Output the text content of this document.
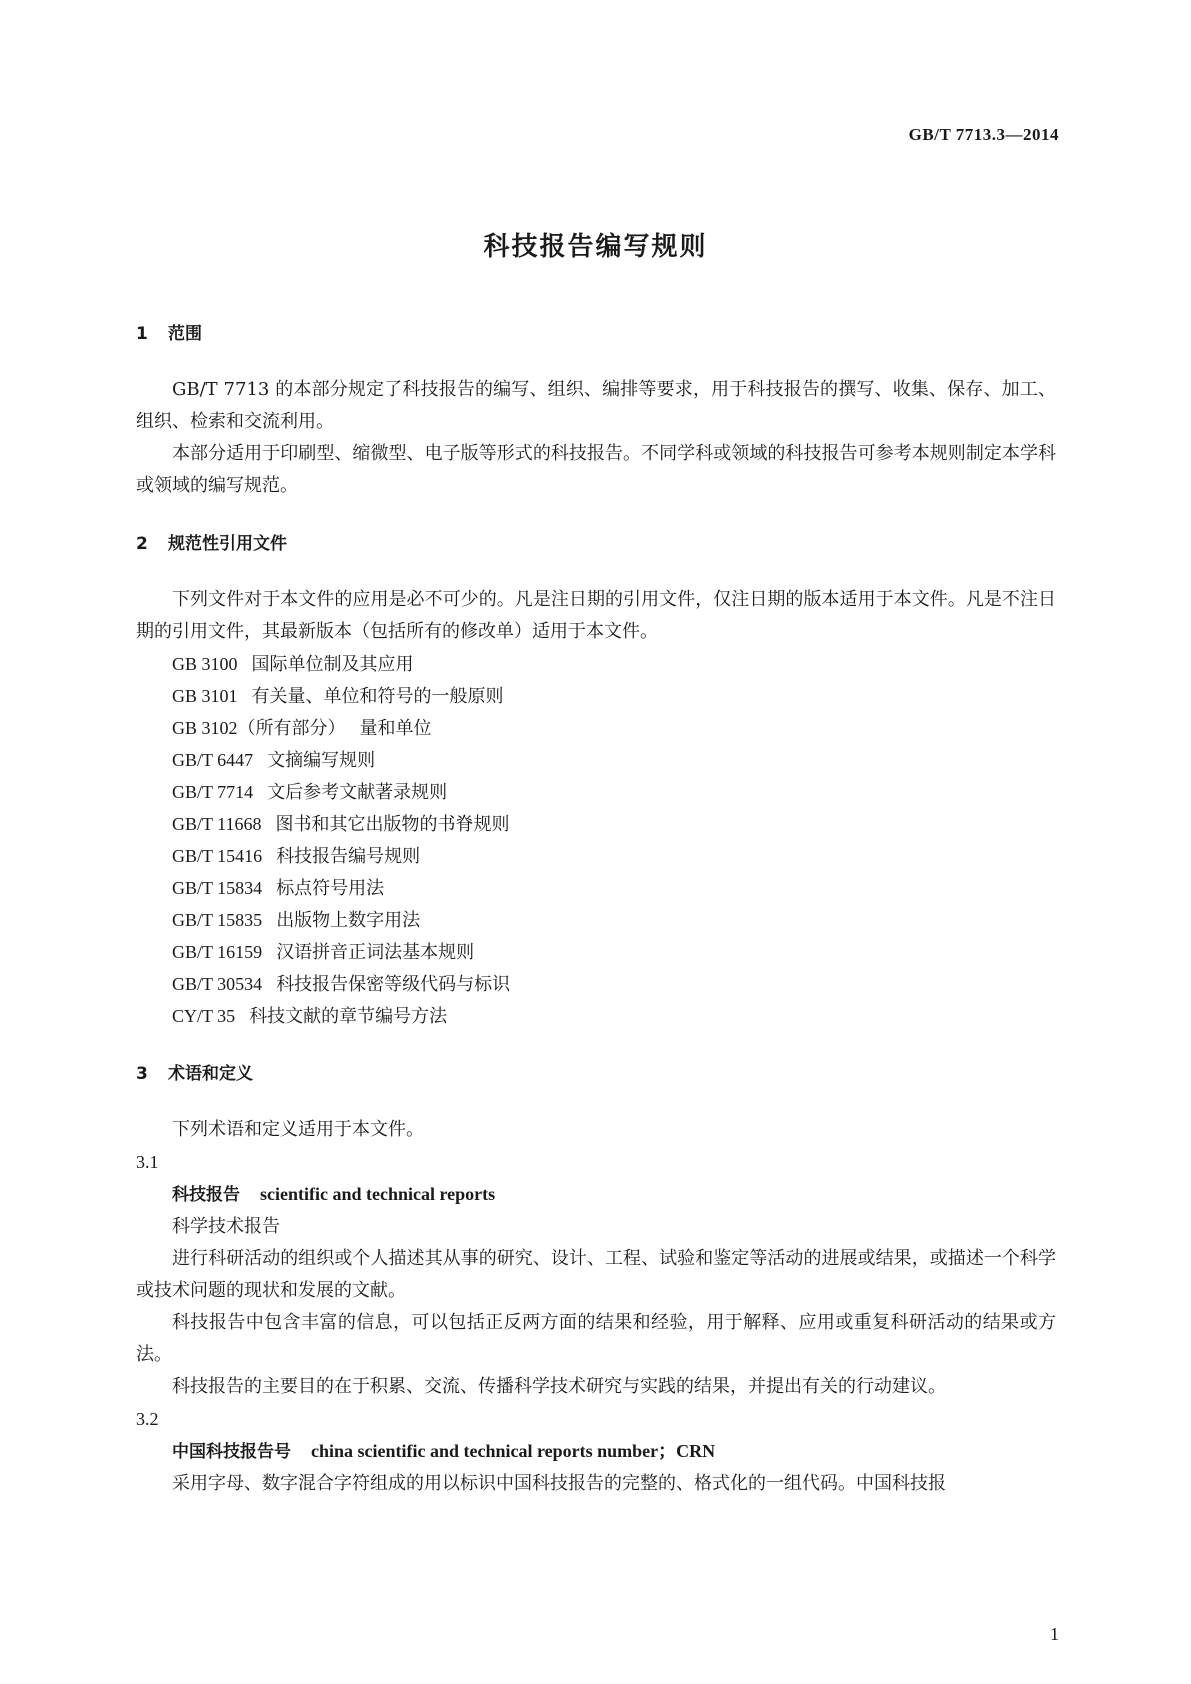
GB/T 7713.3—2014
科技报告编写规则
1 范围
GB/T 7713 的本部分规定了科技报告的编写、组织、编排等要求，用于科技报告的撰写、收集、保存、加工、组织、检索和交流利用。
本部分适用于印刷型、缩微型、电子版等形式的科技报告。不同学科或领域的科技报告可参考本规则制定本学科或领域的编写规范。
2 规范性引用文件
下列文件对于本文件的应用是必不可少的。凡是注日期的引用文件，仅注日期的版本适用于本文件。凡是不注日期的引用文件，其最新版本（包括所有的修改单）适用于本文件。
GB 3100 国际单位制及其应用
GB 3101 有关量、单位和符号的一般原则
GB 3102（所有部分） 量和单位
GB/T 6447 文摘编写规则
GB/T 7714 文后参考文献著录规则
GB/T 11668 图书和其它出版物的书脊规则
GB/T 15416 科技报告编号规则
GB/T 15834 标点符号用法
GB/T 15835 出版物上数字用法
GB/T 16159 汉语拼音正词法基本规则
GB/T 30534 科技报告保密等级代码与标识
CY/T 35 科技文献的章节编号方法
3 术语和定义
下列术语和定义适用于本文件。
3.1
科技报告 scientific and technical reports
科学技术报告
进行科研活动的组织或个人描述其从事的研究、设计、工程、试验和鉴定等活动的进展或结果，或描述一个科学或技术问题的现状和发展的文献。
科技报告中包含丰富的信息，可以包括正反两方面的结果和经验，用于解释、应用或重复科研活动的结果或方法。
科技报告的主要目的在于积累、交流、传播科学技术研究与实践的结果，并提出有关的行动建议。
3.2
中国科技报告号 china scientific and technical reports number；CRN
采用字母、数字混合字符组成的用以标识中国科技报告的完整的、格式化的一组代码。中国科技报
1
